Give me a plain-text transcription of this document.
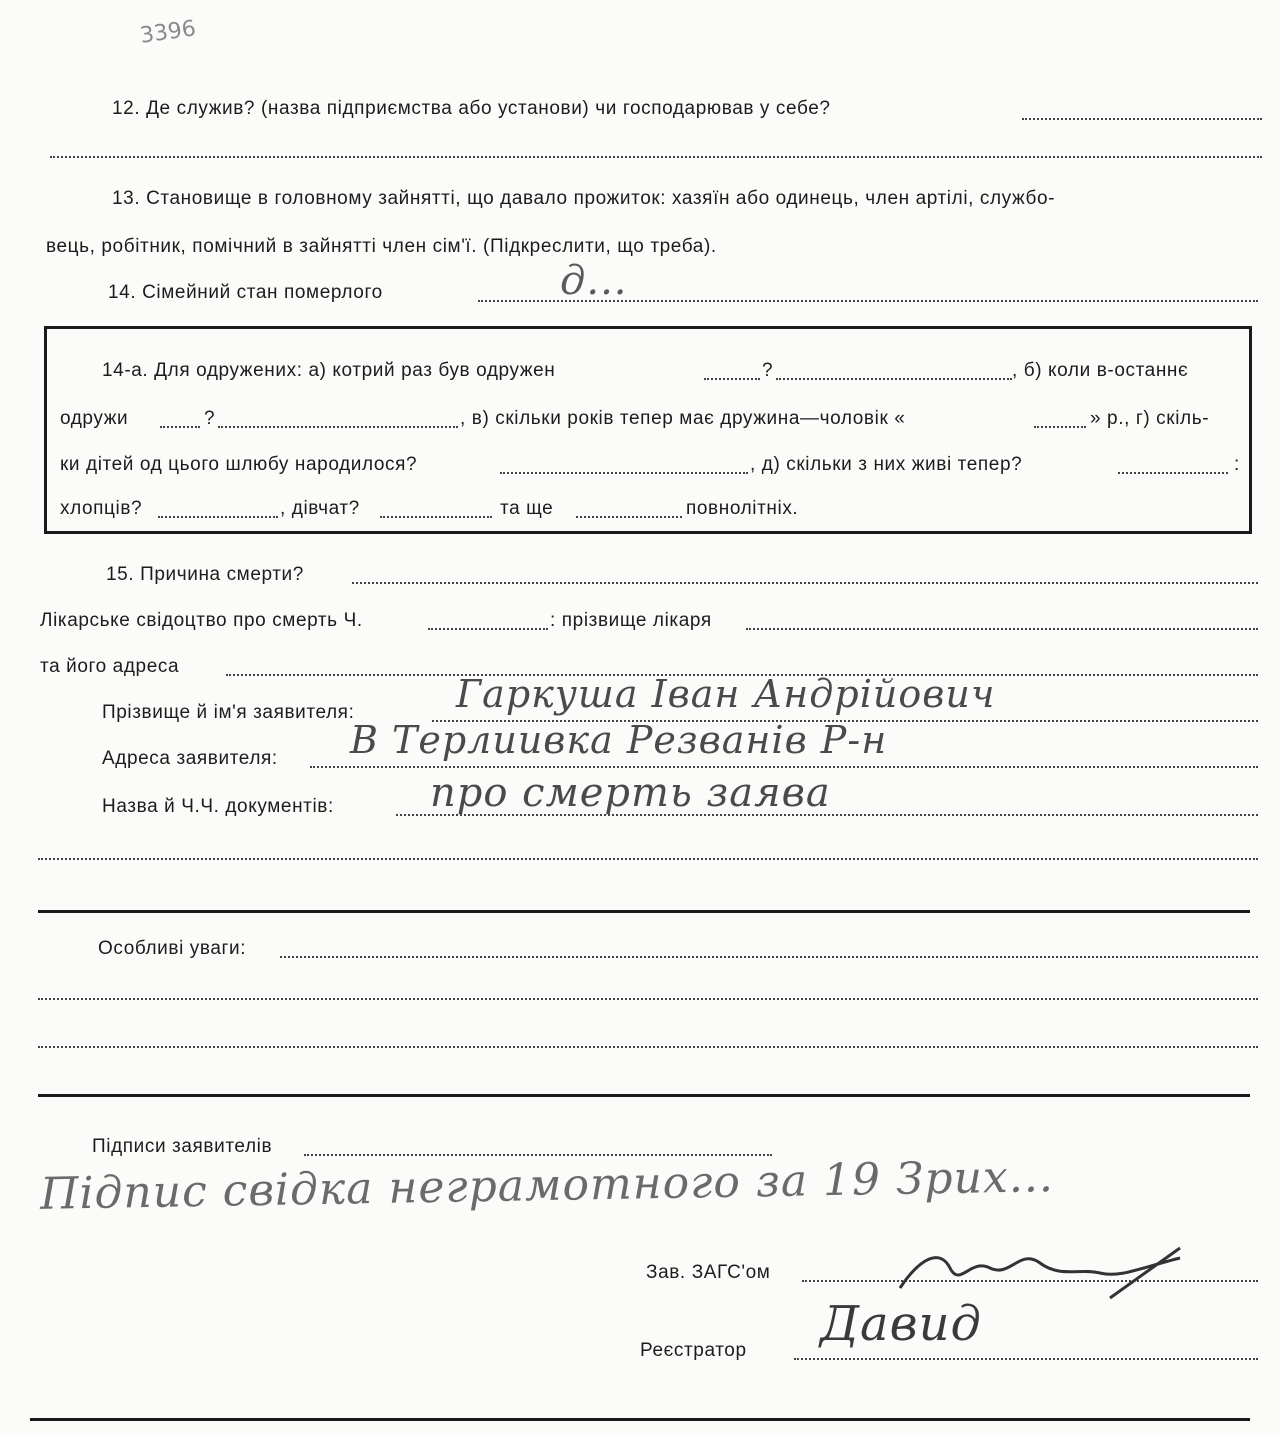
3396
12. Де служив? (назва підприємства або установи) чи господарював у себе?
13. Становище в головному зайнятті, що давало прожиток: хазяїн або одинець, член артілі, службо-
вець, робітник, помічний в зайнятті член сім'ї. (Підкреслити, що треба).
14. Сімейний стан померлого	д...
14-а. Для одружених: а) котрий раз був одружен	?	, б) коли в-останнє
одружи	?	, в) скільки років тепер має дружина—чоловік «	» р., г) скіль-
ки дітей од цього шлюбу народилося?	, д) скільки з них живі тепер?	:
хлопців?	, дівчат?	та ще	повнолітніх.
15. Причина смерти?
Лікарське свідоцтво про смерть Ч.	: прізвище лікаря
та його адреса
Прізвище й ім'я заявителя:	Гаркуша Іван Андрійович
Адреса заявителя: В Терлиивка Резванів Р-н
Назва й Ч.Ч. документів: про смерть заява
Особливі уваги:
Підписи заявителів
Підпис свідка неграмотного за 19 Зрих...
Зав. ЗАГС'ом
Реєстратор Давид
